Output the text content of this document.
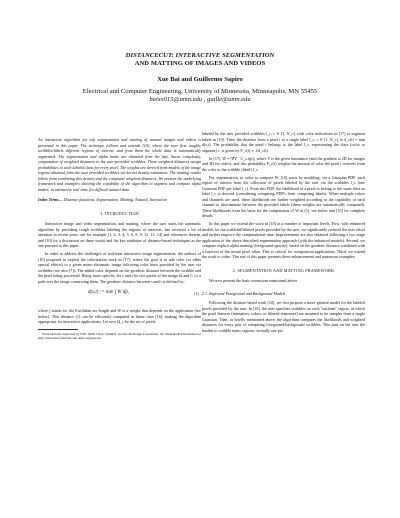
DISTANCECUT: INTERACTIVE SEGMENTATION
AND MATTING OF IMAGES AND VIDEOS
Xue Bai and Guillermo Sapiro
Electrical and Computer Engineering, University of Minnesota, Minneapolis, MN 55455
baixx015@umn.edu , guille@umn.edu

An interactive algorithm for soft segmentation and matting of natural images and videos is presented in this paper. The technique follows and extends [10], where the user first roughly scribbles/labels different regions of interest, and from them the whole data is automatically segmented. The segmentation and alpha matte are obtained from the fast, linear complexity, computation of weighted distances to the user-provided scribbles. These weighted distances assign probabilities to each labeled class for every pixel. The weights are derived from models of the image regions obtained from the user provided scribbles via kernel density estimation. The matting results follow from combining this density and the computed weighted distances. We present the underlying framework and examples showing the capability of the algorithm to segment and compute alpha mattes, in interactive real time, for difficult natural data.

Index Terms— Distance functions, Segmentation, Matting, Natural, Interactive

1. INTRODUCTION

Interactive image and video segmentation, and matting, where the user starts the automatic algorithm by providing rough scribbles labeling the regions of interests, has received a lot of attention in recent years, see for example [1, 2, 3, 4, 5, 6, 8, 9, 11, 13, 14] and references therein, and [10] for a discussion on these works and the key attributes of distance-based techniques as the one pursued in this paper.

In order to address the challenges of real-time interactive image segmentation, the authors of [10] proposed to exploit the colorization work in [17], where the goal is to add color (or other special effects) to a given mono-chromatic image following color hints provided by the user via scribbles (see also [7]). The added color depends on the geodesic distance between the scribble and the pixel being processed. Being more specific, let s and t be two pixels of the image Ω and C s,t a path over the image connecting them. The geodesic distance between s and t is defined by:

d(s,t) := min ∫ W dp,	(1)

where ∫ stands for the Euclidean arc-length and W is a weight that depends on the application (see below). This distance (1) can be efficiently computed in linear time [16], making the algorithm appropriate for interactive applications. Let now Ω_c be the set of pixels

Work partially supported by NSF, ONR, NGA, DARPA, and the McKnight Foundation. We thank Radu Paltenidhas for help with kernel methods and other suggestions.

labeled by the user provided scribbles l_c, c ∈ [1, N_c], with color indications in [17] or segment labels in [10]. Then, the distance from a pixel t to a single label l_c, c ∈ [1, N_c], is d_c(t) = min d(s,t). The probability that the pixel t belongs to the label l_c, representing the class (color or segment) c, is given by P_c(t) ∝ 1/d_c(t).

In [17], W = |∇Y · C_s,t(p)|, where Y is the given luminance (and the gradient is 2D for images and 3D for video), and this probability P_c(t) weights the amount of color the pixel t receives from the color in the scribble (label) l_c.

For segmentation, in order to compute W, [10] starts by modeling, via a Gaussian PDF, each region of interest from the collection of pixels labeled by the user via the scribbles l_c (one Gaussian PDF per label l_c). From this PDF, the likelihood of a pixel to belong to the same class as label l_c is derived (considering competing PDF's from competing labels). When multiple colors and channels are used, these likelihoods are further weighted according to the capability of each channel to discriminate between the provided labels (these weights are automatically computed). These likelihoods form the basis for the computation of W in (1), see below and [10] for complete details.

In this paper we extend the work in [10] at a number of important levels. First, with enhanced models for the scribbled/labeled pixels provided by the user, we significantly reduced the user effort and further improve the computational time. Improvements are also obtained following a two stage application of the above described segmentation approach (with the enhanced models). Second, we compute explicit alpha matting (foreground opacity), based on the geodesic distance combined with a function of the actual pixel value. This is critical for composition applications. Third, we extend the work to video. The rest of this paper presents these enhancements and numerous examples.

2. SEGMENTATION AND MATTING FRAMEWORK

We now present the basic extensions mentioned above.

2.1. Improved Foreground and Background Models

Following the distance based work [10], we first propose a more general model for the labeled pixels provided by the user. In [10], the user specifies scribbles on each "uniform" region, in which the pixel features (intensities, colors, or filtered responses) are assumed to be samples from a single Gaussian. Then, as briefly mentioned above, the algorithm computes the likelihoods and weighted distances for every pair of competing foreground/background scribbles. This puts on the user the burden to scribble many regions, virtually one per
